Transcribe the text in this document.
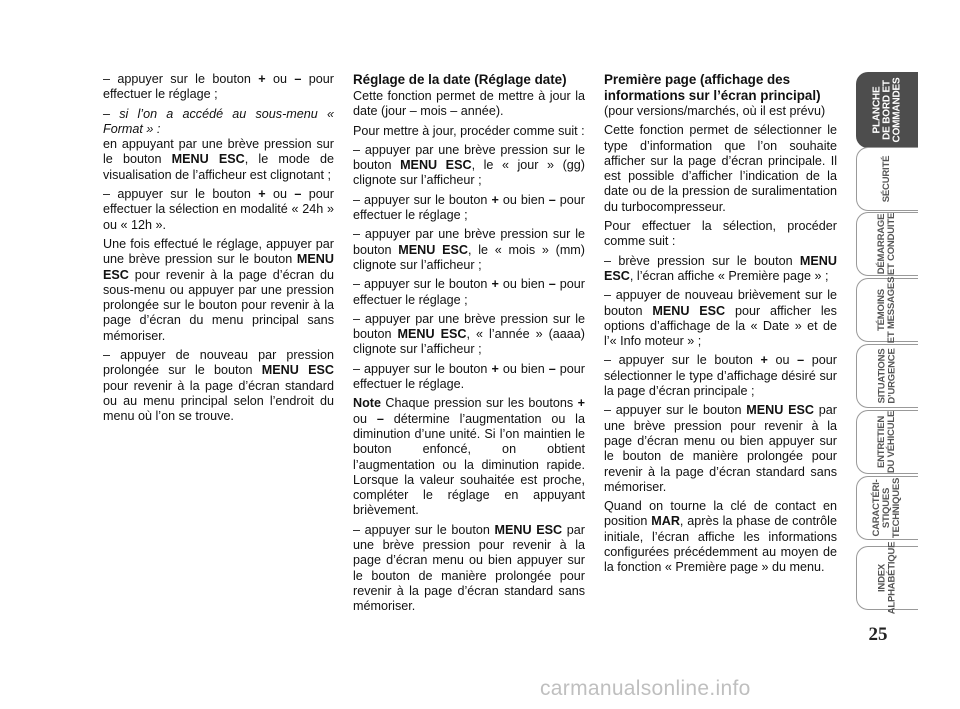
– appuyer sur le bouton + ou – pour effectuer le réglage ;

– si l’on a accédé au sous-menu « Format » :
en appuyant par une brève pression sur le bouton MENU ESC, le mode de visualisation de l’afficheur est clignotant ;

– appuyer sur le bouton + ou – pour effectuer la sélection en modalité « 24h » ou « 12h ».

Une fois effectué le réglage, appuyer par une brève pression sur le bouton MENU ESC pour revenir à la page d’écran du sous-menu ou appuyer par une pression prolongée sur le bouton pour revenir à la page d’écran du menu principal sans mémoriser.

– appuyer de nouveau par pression prolongée sur le bouton MENU ESC pour revenir à la page d’écran standard ou au menu principal selon l’endroit du menu où l’on se trouve.

Réglage de la date (Réglage date)

Cette fonction permet de mettre à jour la date (jour – mois – année).

Pour mettre à jour, procéder comme suit :

– appuyer par une brève pression sur le bouton MENU ESC, le « jour » (gg) clignote sur l’afficheur ;

– appuyer sur le bouton + ou bien – pour effectuer le réglage ;

– appuyer par une brève pression sur le bouton MENU ESC, le « mois » (mm) clignote sur l’afficheur ;

– appuyer sur le bouton + ou bien – pour effectuer le réglage ;

– appuyer par une brève pression sur le bouton MENU ESC, « l’année » (aaaa) clignote sur l’afficheur ;

– appuyer sur le bouton + ou bien – pour effectuer le réglage.

Note Chaque pression sur les boutons + ou – détermine l’augmentation ou la diminution d’une unité. Si l’on maintien le bouton enfoncé, on obtient l’augmentation ou la diminution rapide. Lorsque la valeur souhaitée est proche, compléter le réglage en appuyant brièvement.

– appuyer sur le bouton MENU ESC par une brève pression pour revenir à la page d’écran menu ou bien appuyer sur le bouton de manière prolongée pour revenir à la page d’écran standard sans mémoriser.

Première page (affichage des informations sur l’écran principal)

(pour versions/marchés, où il est prévu)

Cette fonction permet de sélectionner le type d’information que l’on souhaite afficher sur la page d’écran principale. Il est possible d’afficher l’indication de la date ou de la pression de suralimentation du turbocompresseur.

Pour effectuer la sélection, procéder comme suit :

– brève pression sur le bouton MENU ESC, l’écran affiche « Première page » ;

– appuyer de nouveau brièvement sur le bouton MENU ESC pour afficher les options d’affichage de la « Date » et de l’« Info moteur » ;

– appuyer sur le bouton + ou – pour sélectionner le type d’affichage désiré sur la page d’écran principale ;

– appuyer sur le bouton MENU ESC par une brève pression pour revenir à la page d’écran menu ou bien appuyer sur le bouton de manière prolongée pour revenir à la page d’écran standard sans mémoriser.

Quand on tourne la clé de contact en position MAR, après la phase de contrôle initiale, l’écran affiche les informations configurées précédemment au moyen de la fonction « Première page » du menu.

PLANCHE
DE BORD ET
COMMANDES
SÉCURITÉ
DÉMARRAGE
ET CONDUITE
TÉMOINS
ET MESSAGES
SITUATIONS
D’URGENCE
ENTRETIEN
DU VÉHICULE
CARACTÉRI-
STIQUES
TECHNIQUES
INDEX
ALPHABÉTIQUE
25
carmanualsonline.info
